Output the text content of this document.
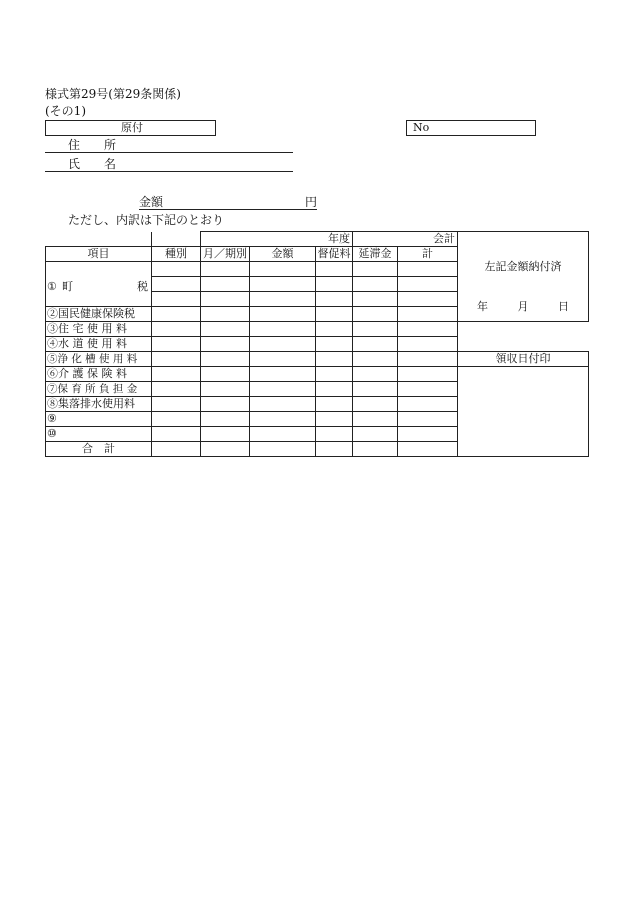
様式第29号(第29条関係)
(その1)
原付	No
住　　所
氏　　名
金額	円
ただし、内訳は下記のとおり
		年度			会計		左記金額納付済
年 月 日

項目	種別	月／期別	金額	督促料	延滞金	計	

① 町 税							

②国民健康保険税							
③住 宅 使 用 料							
④水 道 使 用 料							
⑤浄 化 槽 使 用 料							領収日付印
⑥介 護 保 険 料							
⑦保 育 所 負 担 金							
⑧集落排水使用料							
⑨							
⑩							
合　計							
